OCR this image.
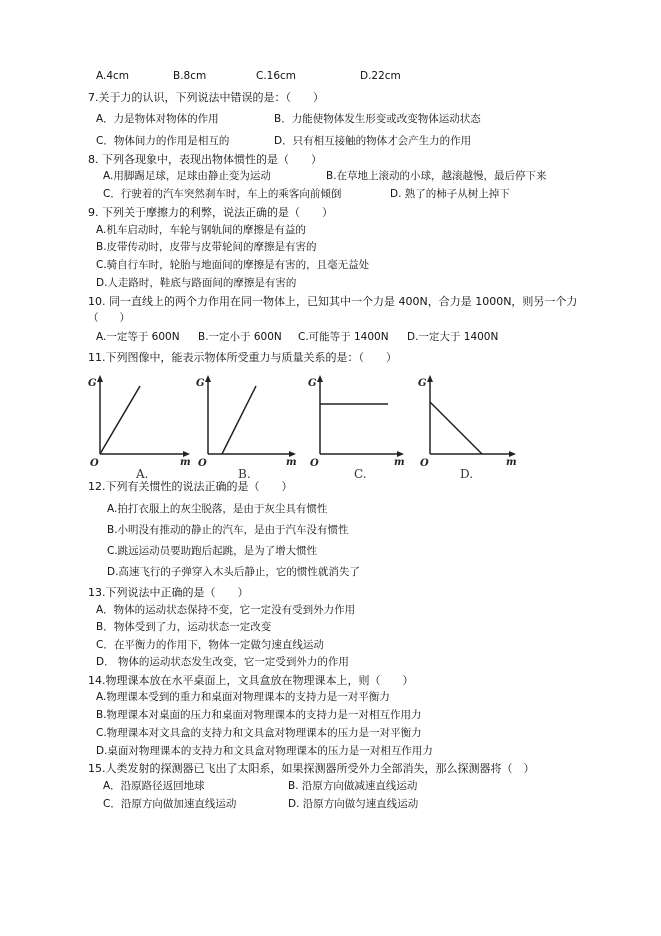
A.4cm	B.8cm	C.16cm	D.22cm
7.关于力的认识，下列说法中错误的是：（　　）
A．力是物体对物体的作用	B．力能使物体发生形变或改变物体运动状态
C．物体间力的作用是相互的	D．只有相互接触的物体才会产生力的作用
8. 下列各现象中，表现出物体惯性的是（　　）
A.用脚踢足球，足球由静止变为运动	B.在草地上滚动的小球，越滚越慢，最后停下来
C．行驶着的汽车突然刹车时，车上的乘客向前倾倒	D. 熟了的柿子从树上掉下
9. 下列关于摩擦力的利弊，说法正确的是（　　）
A.机车启动时，车轮与钢轨间的摩擦是有益的
B.皮带传动时，皮带与皮带轮间的摩擦是有害的
C.骑自行车时，轮胎与地面间的摩擦是有害的，且毫无益处
D.人走路时，鞋底与路面间的摩擦是有害的
10. 同一直线上的两个力作用在同一物体上，已知其中一个力是 400N，合力是 1000N，则另一个力
（　　）
A.一定等于 600N B.一定小于 600N C.可能等于 1400N D.一定大于 1400N
11.下列图像中，能表示物体所受重力与质量关系的是：（　　）
G
O	m
A.
G
O	m
B.
G
O	m
C.
G
O	m
D.
12.下列有关惯性的说法正确的是（　　）
A.拍打衣服上的灰尘脱落，是由于灰尘具有惯性
B.小明没有推动的静止的汽车，是由于汽车没有惯性
C.跳远运动员要助跑后起跳，是为了增大惯性
D.高速飞行的子弹穿入木头后静止，它的惯性就消失了
13.下列说法中正确的是（　　）
A．物体的运动状态保持不变，它一定没有受到外力作用
B．物体受到了力，运动状态一定改变
C．在平衡力的作用下，物体一定做匀速直线运动
D． 物体的运动状态发生改变，它一定受到外力的作用
14.物理课本放在水平桌面上，文具盒放在物理课本上，则（　　）
A.物理课本受到的重力和桌面对物理课本的支持力是一对平衡力
B.物理课本对桌面的压力和桌面对物理课本的支持力是一对相互作用力
C.物理课本对文具盒的支持力和文具盒对物理课本的压力是一对平衡力
D.桌面对物理课本的支持力和文具盒对物理课本的压力是一对相互作用力
15.人类发射的探测器已飞出了太阳系，如果探测器所受外力全部消失，那么探测器将（　）
A．沿原路径返回地球	B. 沿原方向做减速直线运动
C．沿原方向做加速直线运动	D. 沿原方向做匀速直线运动
